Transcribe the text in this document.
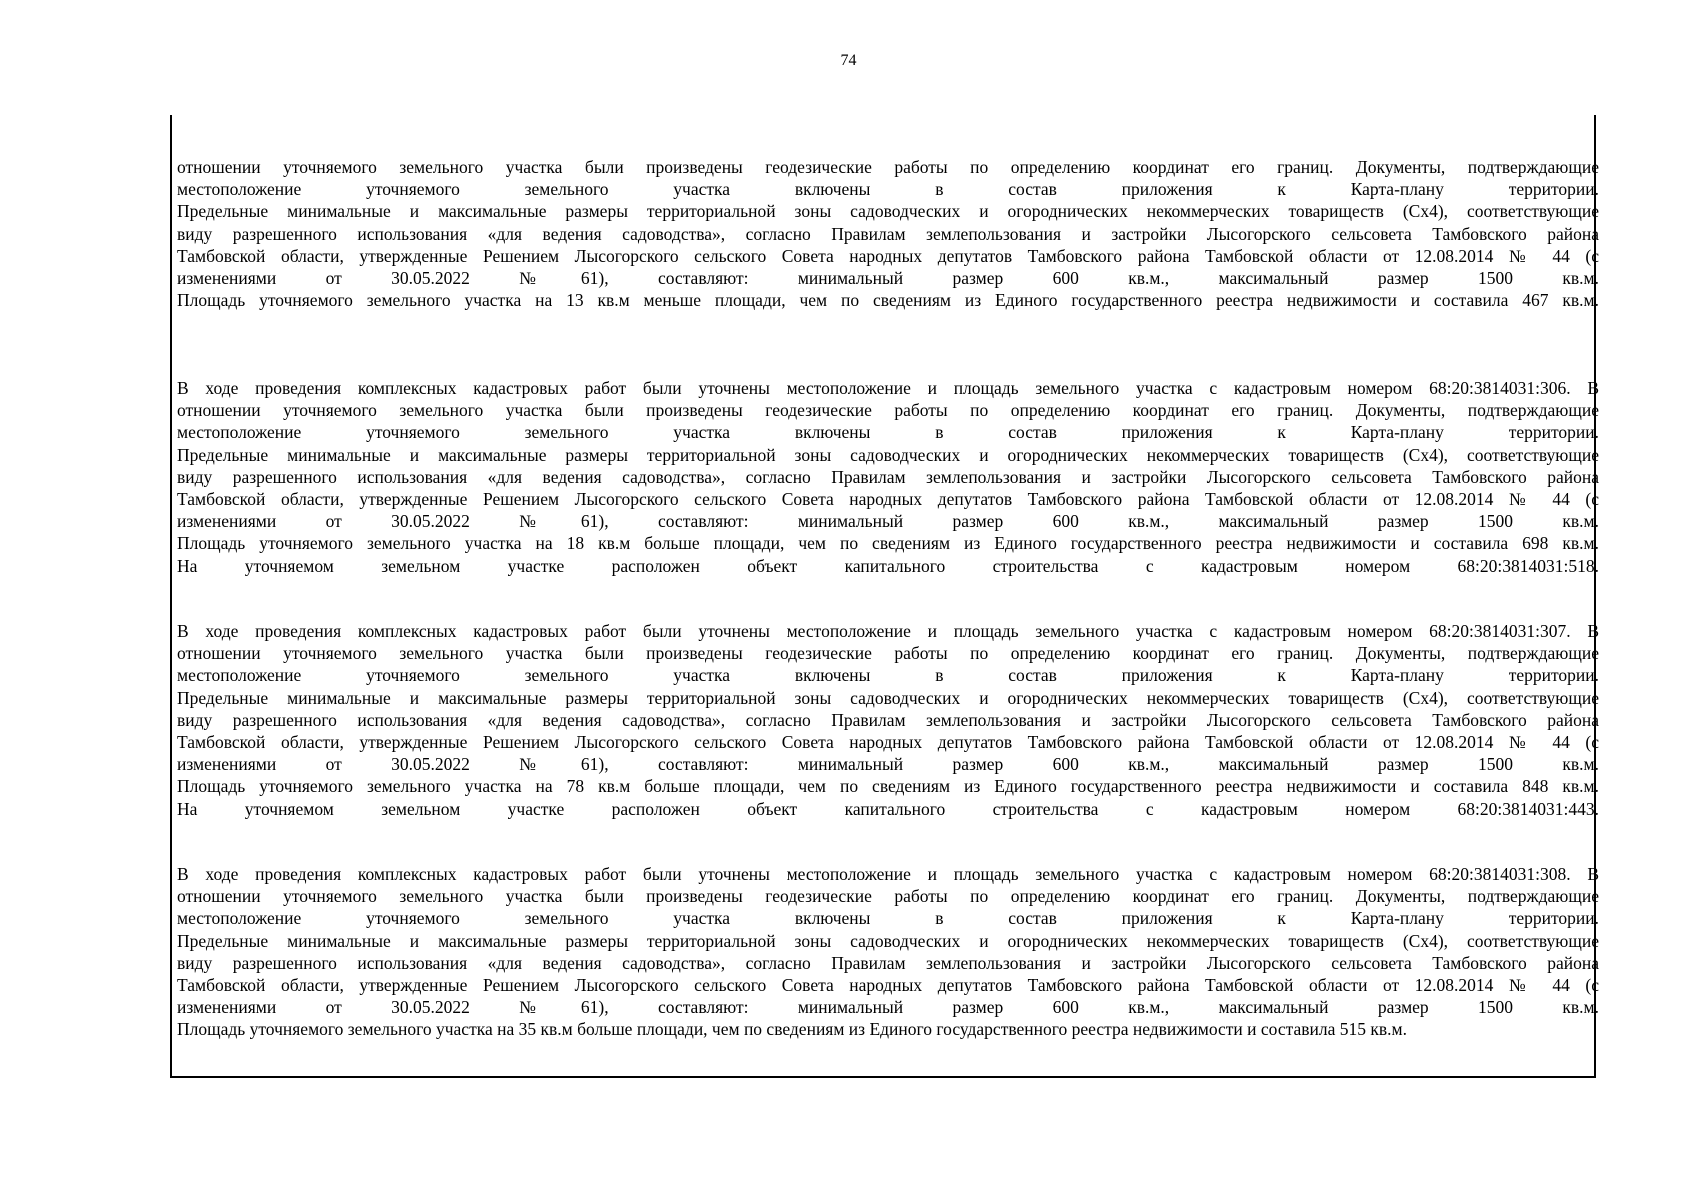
74
отношении уточняемого земельного участка были произведены геодезические работы по определению координат его границ. Документы, подтверждающие
местоположение уточняемого земельного участка включены в состав приложения к Карта-плану территории.
Предельные минимальные и максимальные размеры территориальной зоны садоводческих и огороднических некоммерческих товариществ (Сх4), соответствующие
виду разрешенного использования «для ведения садоводства», согласно Правилам землепользования и застройки Лысогорского сельсовета Тамбовского района
Тамбовской области, утвержденные Решением Лысогорского сельского Совета народных депутатов Тамбовского района Тамбовской области от 12.08.2014 № 44 (с
изменениями от 30.05.2022 №61), составляют: минимальный размер 600 кв.м., максимальный размер 1500 кв.м.
Площадь уточняемого земельного участка на 13 кв.м меньше площади, чем по сведениям из Единого государственного реестра недвижимости и составила 467 кв.м.
В ходе проведения комплексных кадастровых работ были уточнены местоположение и площадь земельного участка с кадастровым номером 68:20:3814031:306. В
отношении уточняемого земельного участка были произведены геодезические работы по определению координат его границ. Документы, подтверждающие
местоположение уточняемого земельного участка включены в состав приложения к Карта-плану территории.
Предельные минимальные и максимальные размеры территориальной зоны садоводческих и огороднических некоммерческих товариществ (Сх4), соответствующие
виду разрешенного использования «для ведения садоводства», согласно Правилам землепользования и застройки Лысогорского сельсовета Тамбовского района
Тамбовской области, утвержденные Решением Лысогорского сельского Совета народных депутатов Тамбовского района Тамбовской области от 12.08.2014 № 44 (с
изменениями от 30.05.2022 №61), составляют: минимальный размер 600 кв.м., максимальный размер 1500 кв.м.
Площадь уточняемого земельного участка на 18 кв.м больше площади, чем по сведениям из Единого государственного реестра недвижимости и составила 698 кв.м.
На уточняемом земельном участке расположен объект капитального строительства с кадастровым номером 68:20:3814031:518.
В ходе проведения комплексных кадастровых работ были уточнены местоположение и площадь земельного участка с кадастровым номером 68:20:3814031:307. В
отношении уточняемого земельного участка были произведены геодезические работы по определению координат его границ. Документы, подтверждающие
местоположение уточняемого земельного участка включены в состав приложения к Карта-плану территории.
Предельные минимальные и максимальные размеры территориальной зоны садоводческих и огороднических некоммерческих товариществ (Сх4), соответствующие
виду разрешенного использования «для ведения садоводства», согласно Правилам землепользования и застройки Лысогорского сельсовета Тамбовского района
Тамбовской области, утвержденные Решением Лысогорского сельского Совета народных депутатов Тамбовского района Тамбовской области от 12.08.2014 № 44 (с
изменениями от 30.05.2022 №61), составляют: минимальный размер 600 кв.м., максимальный размер 1500 кв.м.
Площадь уточняемого земельного участка на 78 кв.м больше площади, чем по сведениям из Единого государственного реестра недвижимости и составила 848 кв.м.
На уточняемом земельном участке расположен объект капитального строительства с кадастровым номером 68:20:3814031:443.
В ходе проведения комплексных кадастровых работ были уточнены местоположение и площадь земельного участка с кадастровым номером 68:20:3814031:308. В
отношении уточняемого земельного участка были произведены геодезические работы по определению координат его границ. Документы, подтверждающие
местоположение уточняемого земельного участка включены в состав приложения к Карта-плану территории.
Предельные минимальные и максимальные размеры территориальной зоны садоводческих и огороднических некоммерческих товариществ (Сх4), соответствующие
виду разрешенного использования «для ведения садоводства», согласно Правилам землепользования и застройки Лысогорского сельсовета Тамбовского района
Тамбовской области, утвержденные Решением Лысогорского сельского Совета народных депутатов Тамбовского района Тамбовской области от 12.08.2014 № 44 (с
изменениями от 30.05.2022 №61), составляют: минимальный размер 600 кв.м., максимальный размер 1500 кв.м.
Площадь уточняемого земельного участка на 35 кв.м больше площади, чем по сведениям из Единого государственного реестра недвижимости и составила 515 кв.м.
